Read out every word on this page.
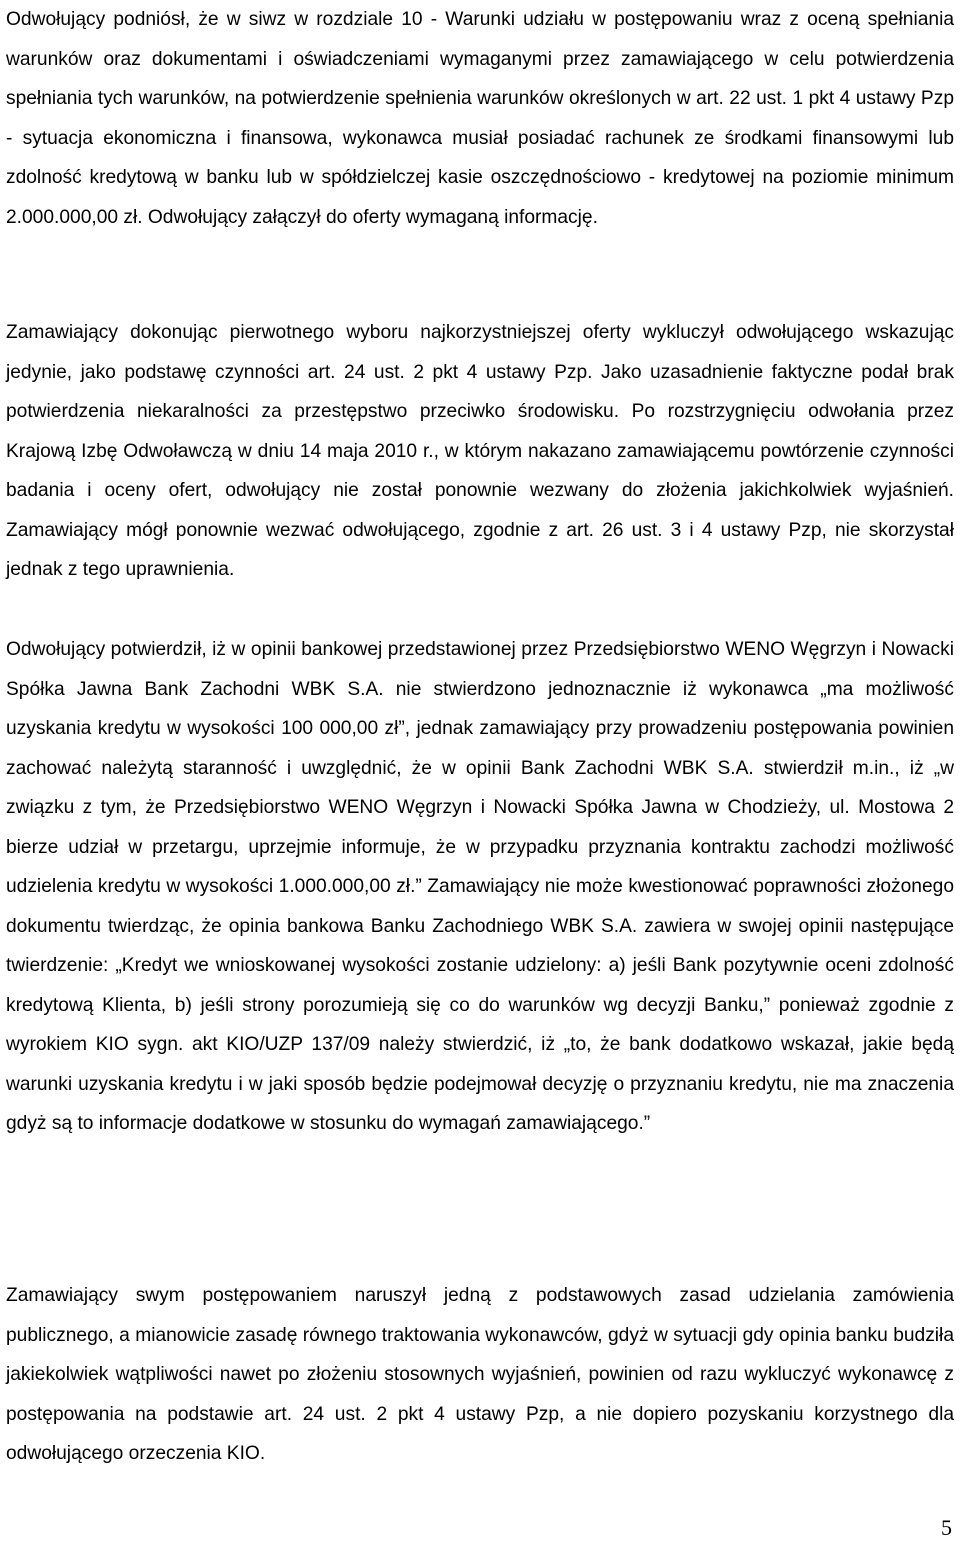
Odwołujący podniósł, że w siwz w rozdziale 10 - Warunki udziału w postępowaniu wraz z oceną spełniania warunków oraz dokumentami i oświadczeniami wymaganymi przez zamawiającego w celu potwierdzenia spełniania tych warunków, na potwierdzenie spełnienia warunków określonych w art. 22 ust. 1 pkt 4 ustawy Pzp - sytuacja ekonomiczna i finansowa, wykonawca musiał posiadać rachunek ze środkami finansowymi lub zdolność kredytową w banku lub w spółdzielczej kasie oszczędnościowo - kredytowej na poziomie minimum 2.000.000,00 zł. Odwołujący załączył do oferty wymaganą informację.

Zamawiający dokonując pierwotnego wyboru najkorzystniejszej oferty wykluczył odwołującego wskazując jedynie, jako podstawę czynności art. 24 ust. 2 pkt 4 ustawy Pzp. Jako uzasadnienie faktyczne podał brak potwierdzenia niekaralności za przestępstwo przeciwko środowisku. Po rozstrzygnięciu odwołania przez Krajową Izbę Odwoławczą w dniu 14 maja 2010 r., w którym nakazano zamawiającemu powtórzenie czynności badania i oceny ofert, odwołujący nie został ponownie wezwany do złożenia jakichkolwiek wyjaśnień. Zamawiający mógł ponownie wezwać odwołującego, zgodnie z art. 26 ust. 3 i 4 ustawy Pzp, nie skorzystał jednak z tego uprawnienia.

Odwołujący potwierdził, iż w opinii bankowej przedstawionej przez Przedsiębiorstwo WENO Węgrzyn i Nowacki Spółka Jawna Bank Zachodni WBK S.A. nie stwierdzono jednoznacznie iż wykonawca „ma możliwość uzyskania kredytu w wysokości 100 000,00 zł”, jednak zamawiający przy prowadzeniu postępowania powinien zachować należytą staranność i uwzględnić, że w opinii Bank Zachodni WBK S.A. stwierdził m.in., iż „w związku z tym, że Przedsiębiorstwo WENO Węgrzyn i Nowacki Spółka Jawna w Chodzieży, ul. Mostowa 2 bierze udział w przetargu, uprzejmie informuje, że w przypadku przyznania kontraktu zachodzi możliwość udzielenia kredytu w wysokości 1.000.000,00 zł.” Zamawiający nie może kwestionować poprawności złożonego dokumentu twierdząc, że opinia bankowa Banku Zachodniego WBK S.A. zawiera w swojej opinii następujące twierdzenie: „Kredyt we wnioskowanej wysokości zostanie udzielony: a) jeśli Bank pozytywnie oceni zdolność kredytową Klienta, b) jeśli strony porozumieją się co do warunków wg decyzji Banku,” ponieważ zgodnie z wyrokiem KIO sygn. akt KIO/UZP 137/09 należy stwierdzić, iż „to, że bank dodatkowo wskazał, jakie będą warunki uzyskania kredytu i w jaki sposób będzie podejmował decyzję o przyznaniu kredytu, nie ma znaczenia gdyż są to informacje dodatkowe w stosunku do wymagań zamawiającego.”

Zamawiający swym postępowaniem naruszył jedną z podstawowych zasad udzielania zamówienia publicznego, a mianowicie zasadę równego traktowania wykonawców, gdyż w sytuacji gdy opinia banku budziła jakiekolwiek wątpliwości nawet po złożeniu stosownych wyjaśnień, powinien od razu wykluczyć wykonawcę z postępowania na podstawie art. 24 ust. 2 pkt 4 ustawy Pzp, a nie dopiero pozyskaniu korzystnego dla odwołującego orzeczenia KIO.

5
